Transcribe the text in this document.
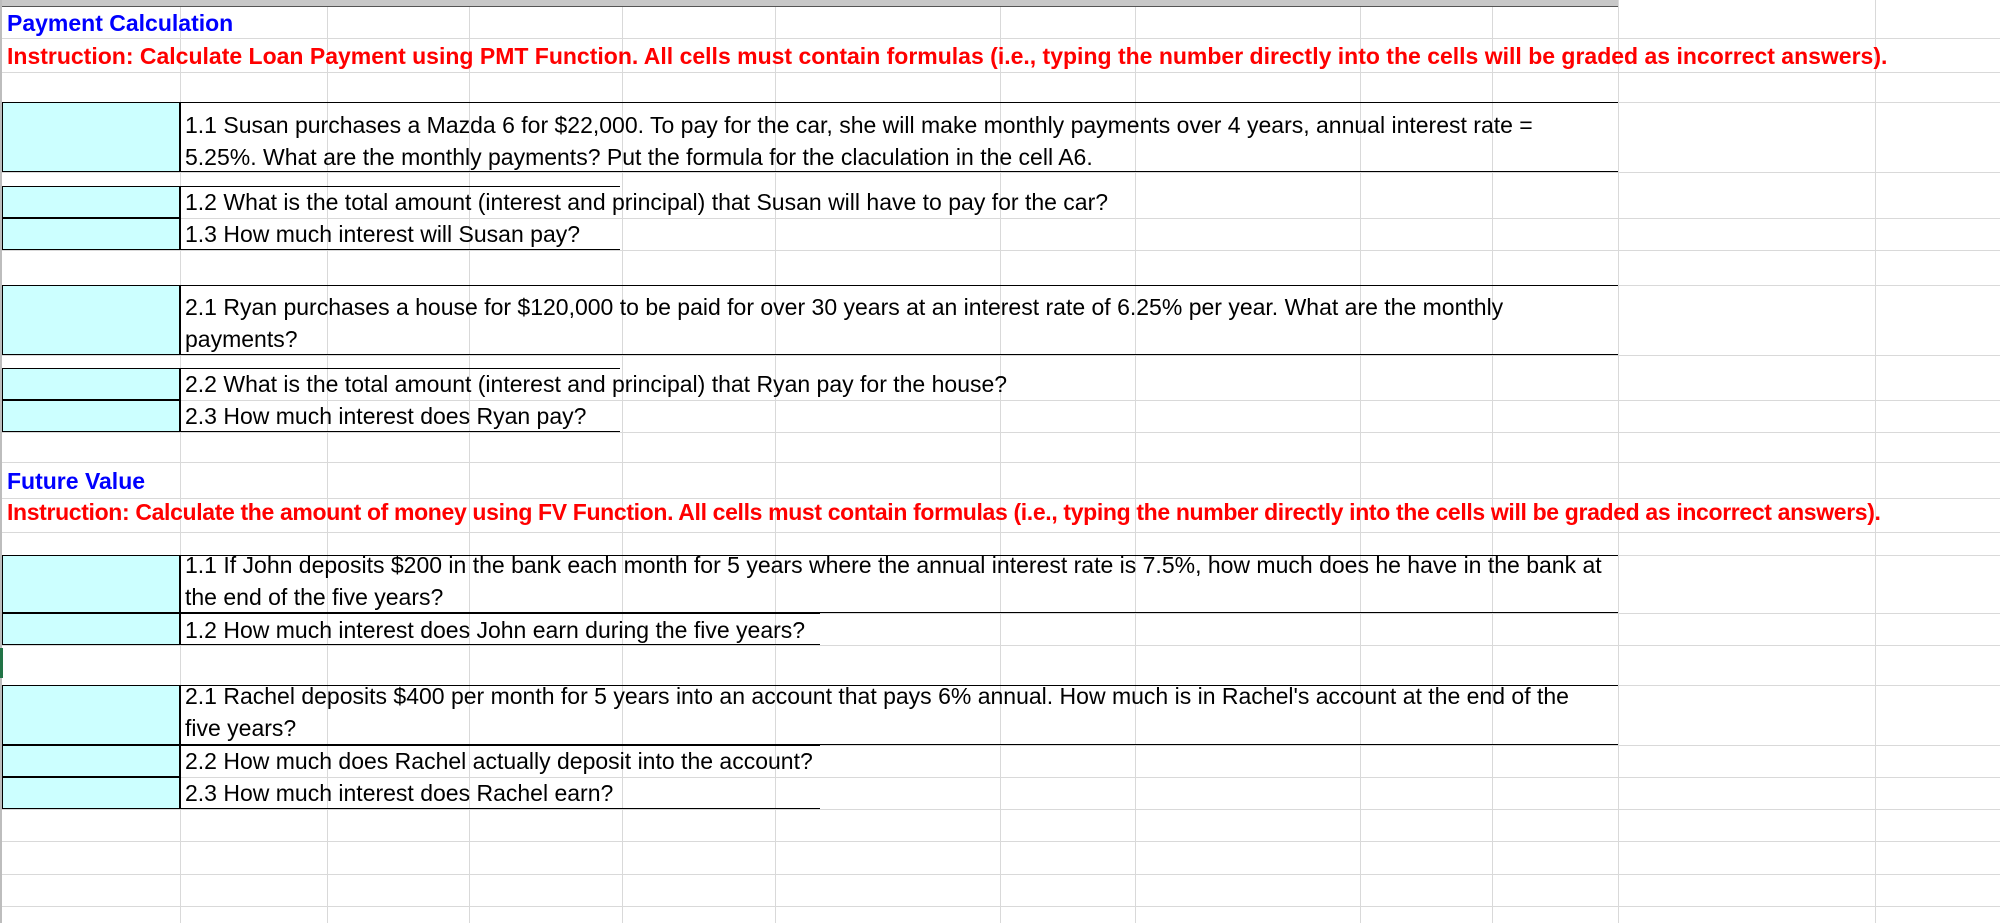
Payment Calculation
Instruction: Calculate Loan Payment using PMT Function. All cells must contain formulas (i.e., typing the number directly into the cells will be graded as incorrect answers).
1.1 Susan purchases a Mazda 6 for $22,000. To pay for the car, she will make monthly payments over 4 years, annual interest rate = 5.25%. What are the monthly payments? Put the formula for the claculation in the cell A6.
1.2 What is the total amount (interest and principal) that Susan will have to pay for the car?
1.3 How much interest will Susan pay?
2.1 Ryan purchases a house for $120,000 to be paid for over 30 years at an interest rate of 6.25% per year. What are the monthly payments?
2.2 What is the total amount (interest and principal) that Ryan pay for the house?
2.3 How much interest does Ryan pay?
Future Value
Instruction: Calculate the amount of money using FV Function. All cells must contain formulas (i.e., typing the number directly into the cells will be graded as incorrect answers).
1.1 If John deposits $200 in the bank each month for 5 years where the annual interest rate is 7.5%, how much does he have in the bank at the end of the five years?
1.2 How much interest does John earn during the five years?
2.1 Rachel deposits $400 per month for 5 years into an account that pays 6% annual. How much is in Rachel's account at the end of the five years?
2.2 How much does Rachel actually deposit into the account?
2.3 How much interest does Rachel earn?
